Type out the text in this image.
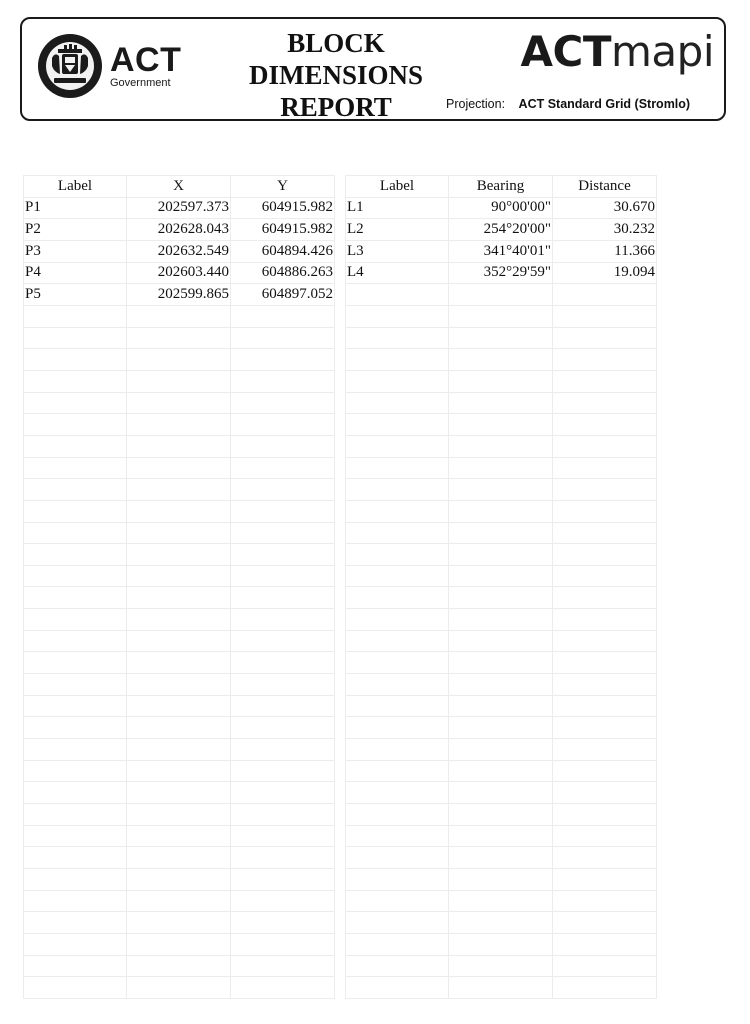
ACT
Government
BLOCK
DIMENSIONS
REPORT
ACTmapi
Projection: ACT Standard Grid (Stromlo)
Label	X	Y
P1	202597.373	604915.982
P2	202628.043	604915.982
P3	202632.549	604894.426
P4	202603.440	604886.263
P5	202599.865	604897.052

Label	Bearing	Distance
L1	90°00'00"	30.670
L2	254°20'00"	30.232
L3	341°40'01"	11.366
L4	352°29'59"	19.094
